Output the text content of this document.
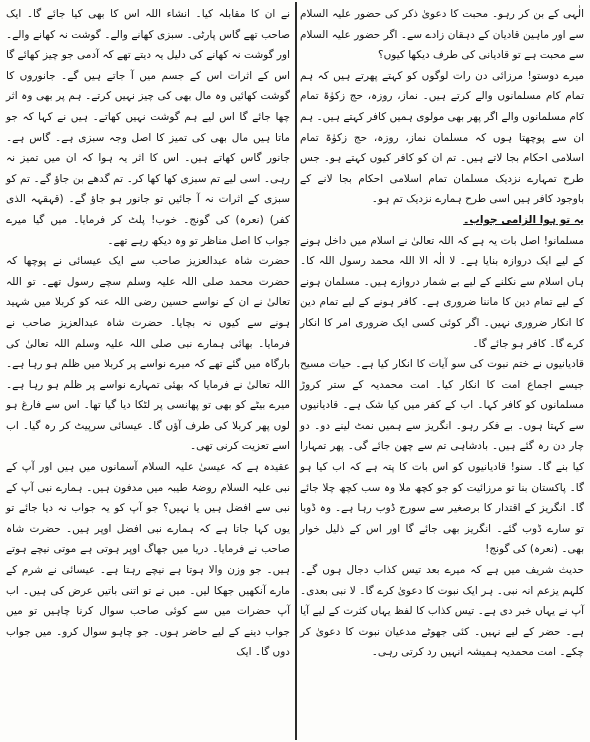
الٰہی کے بن کر رہو۔ محبت کا دعویٰ ذکر کی حضور علیہ السلام سے اور ماہین قادیان کے دہقان زادے سے۔ اگر حضور علیہ السلام سے محبت ہے تو قادیانی کی طرف دیکھا کیوں؟

میرے دوستو! مرزائی دن رات لوگوں کو کہتے پھرتے ہیں کہ ہم تمام کام مسلمانوں والے کرتے ہیں۔ نماز، روزہ، حج زکوٰۃ تمام کام مسلمانوں والے اگر پھر بھی مولوی ہمیں کافر کہتے ہیں۔ ہم ان سے پوچھتا ہوں کہ مسلمان نماز، روزہ، حج زکوٰۃ تمام اسلامی احکام بجا لاتے ہیں۔ تم ان کو کافر کیوں کہتے ہو۔ جس طرح تمہارے نزدیک مسلمان تمام اسلامی احکام بجا لانے کے باوجود کافر ہیں اسی طرح ہمارے نزدیک تم ہو۔

یہ تو ہوا الزامی جواب۔

مسلمانو! اصل بات یہ ہے کہ اللہ تعالیٰ نے اسلام میں داخل ہونے کے لیے ایک دروازہ بنایا ہے۔ لا الٰہ الا اللہ محمد رسول اللہ کا۔ ہاں اسلام سے نکلنے کے لیے بے شمار دروازے ہیں۔ مسلمان ہونے کے لیے تمام دین کا ماننا ضروری ہے۔ کافر ہونے کے لیے تمام دین کا انکار ضروری نہیں۔ اگر کوئی کسی ایک ضروری امر کا انکار کرے گا۔ کافر ہو جائے گا۔

قادیانیوں نے ختم نبوت کی سو آیات کا انکار کیا ہے۔ حیات مسیح جیسے اجماع امت کا انکار کیا۔ امت محمدیہ کے ستر کروڑ مسلمانوں کو کافر کہا۔ اب کے کفر میں کیا شک ہے۔ قادیانیوں سے کہتا ہوں۔ بے فکر رہو۔ انگریز سے ہمیں نمٹ لینے دو۔ دو چار دن رہ گئے ہیں۔ بادشاہی تم سے چھن جائے گی۔ پھر تمہارا کیا بنے گا۔ سنو! قادیانیوں کو اس بات کا پتہ ہے کہ اب کیا ہو گا۔ پاکستان بنا تو مرزائیت کو جو کچھ ملا وہ سب کچھ چلا جائے گا۔ انگریز کے اقتدار کا برصغیر سے سورج ڈوب رہا ہے۔ وہ ڈوبا تو سارے ڈوب گئے۔ انگریز بھی جائے گا اور اس کے ذلیل خوار بھی۔ (نعرہ) کی گونج!

حدیث شریف میں ہے کہ میرے بعد تیس کذاب دجال ہوں گے۔ کلہم یزعم انہ نبی۔ ہر ایک نبوت کا دعویٰ کرے گا۔ لا نبی بعدی۔ آپ نے یہاں خبر دی ہے۔ تیس کذاب کا لفظ یہاں کثرت کے لیے آیا ہے۔ حضر کے لیے نہیں۔ کئی جھوٹے مدعیان نبوت کا دعویٰ کر چکے۔ امت محمدیہ ہمیشہ انہیں رد کرتی رہی۔

نے ان کا مقابلہ کیا۔ انشاء اللہ اس کا بھی کیا جائے گا۔ ایک صاحب تھے گاس پارٹی۔ سبزی کھانے والے۔ گوشت نہ کھانے والے۔ اور گوشت نہ کھانے کی دلیل یہ دیتے تھے کہ آدمی جو چیز کھائے گا اس کے اثرات اس کے جسم میں آ جاتے ہیں گے۔ جانوروں کا گوشت کھائیں وہ مال بھی کی چیز نہیں کرتے۔ ہم پر بھی وہ اثر چھا جائے گا اس لیے ہم گوشت نہیں کھاتے۔ ہیں نے کہا کہ جو ماتا ہیں مال بھی کی تمیز کا اصل وجہ سبزی ہے۔ گاس ہے۔ جانور گاس کھاتے ہیں۔ اس کا اثر یہ ہوا کہ ان میں تمیز نہ رہی۔ اسی لیے تم سبزی کھا کھا کر۔ تم گدھے بن جاؤ گے۔ تم کو سبزی کے اثرات نہ آ جائیں تو جانور ہو جاؤ گے۔ (قہقہہ الذی کفر) (نعرہ) کی گونج۔ خوب! پلٹ کر فرمایا۔ میں گیا میرے جواب کا اصل مناظر تو وہ دیکھ رہے تھے۔

حضرت شاہ عبدالعزیز صاحب سے ایک عیسائی نے پوچھا کہ حضرت محمد صلی اللہ علیہ وسلم سچے رسول تھے۔ تو اللہ تعالیٰ نے ان کے نواسے حسین رضی اللہ عنہ کو کربلا میں شہید ہونے سے کیوں نہ بچایا۔ حضرت شاہ عبدالعزیز صاحب نے فرمایا۔ بھائی ہمارے نبی صلی اللہ علیہ وسلم اللہ تعالیٰ کی بارگاہ میں گئے تھے کہ میرے نواسے پر کربلا میں ظلم ہو رہا ہے۔ اللہ تعالیٰ نے فرمایا کہ بھئی تمہارے نواسے پر ظلم ہو رہا ہے۔ میرے بیٹے کو بھی تو پھانسی پر لٹکا دیا گیا تھا۔ اس سے فارغ ہو لوں پھر کربلا کی طرف آؤں گا۔ عیسائی سرپیٹ کر رہ گیا۔ اب اسے تعزیت کرنی تھی۔

عقیدہ ہے کہ عیسیٰ علیہ السلام آسمانوں میں ہیں اور آپ کے نبی علیہ السلام روضۂ طیبہ میں مدفون ہیں۔ ہمارے نبی آپ کے نبی سے افضل ہیں یا نہیں؟ جو آپ کو یہ جواب نہ دیا جائے تو یوں کہا جاتا ہے کہ ہمارے نبی افضل اوپر ہیں۔ حضرت شاہ صاحب نے فرمایا۔ دریا میں جھاگ اوپر ہوتی ہے موتی نیچے ہوتے ہیں۔ جو وزن والا ہوتا ہے نیچے رہتا ہے۔ عیسائی نے شرم کے مارے آنکھیں جھکا لیں۔ میں نے تو اتنی باتیں عرض کی ہیں۔ اب آپ حضرات میں سے کوئی صاحب سوال کرنا چاہیں تو میں جواب دینے کے لیے حاضر ہوں۔ جو چاہو سوال کرو۔ میں جواب دوں گا۔ ایک
